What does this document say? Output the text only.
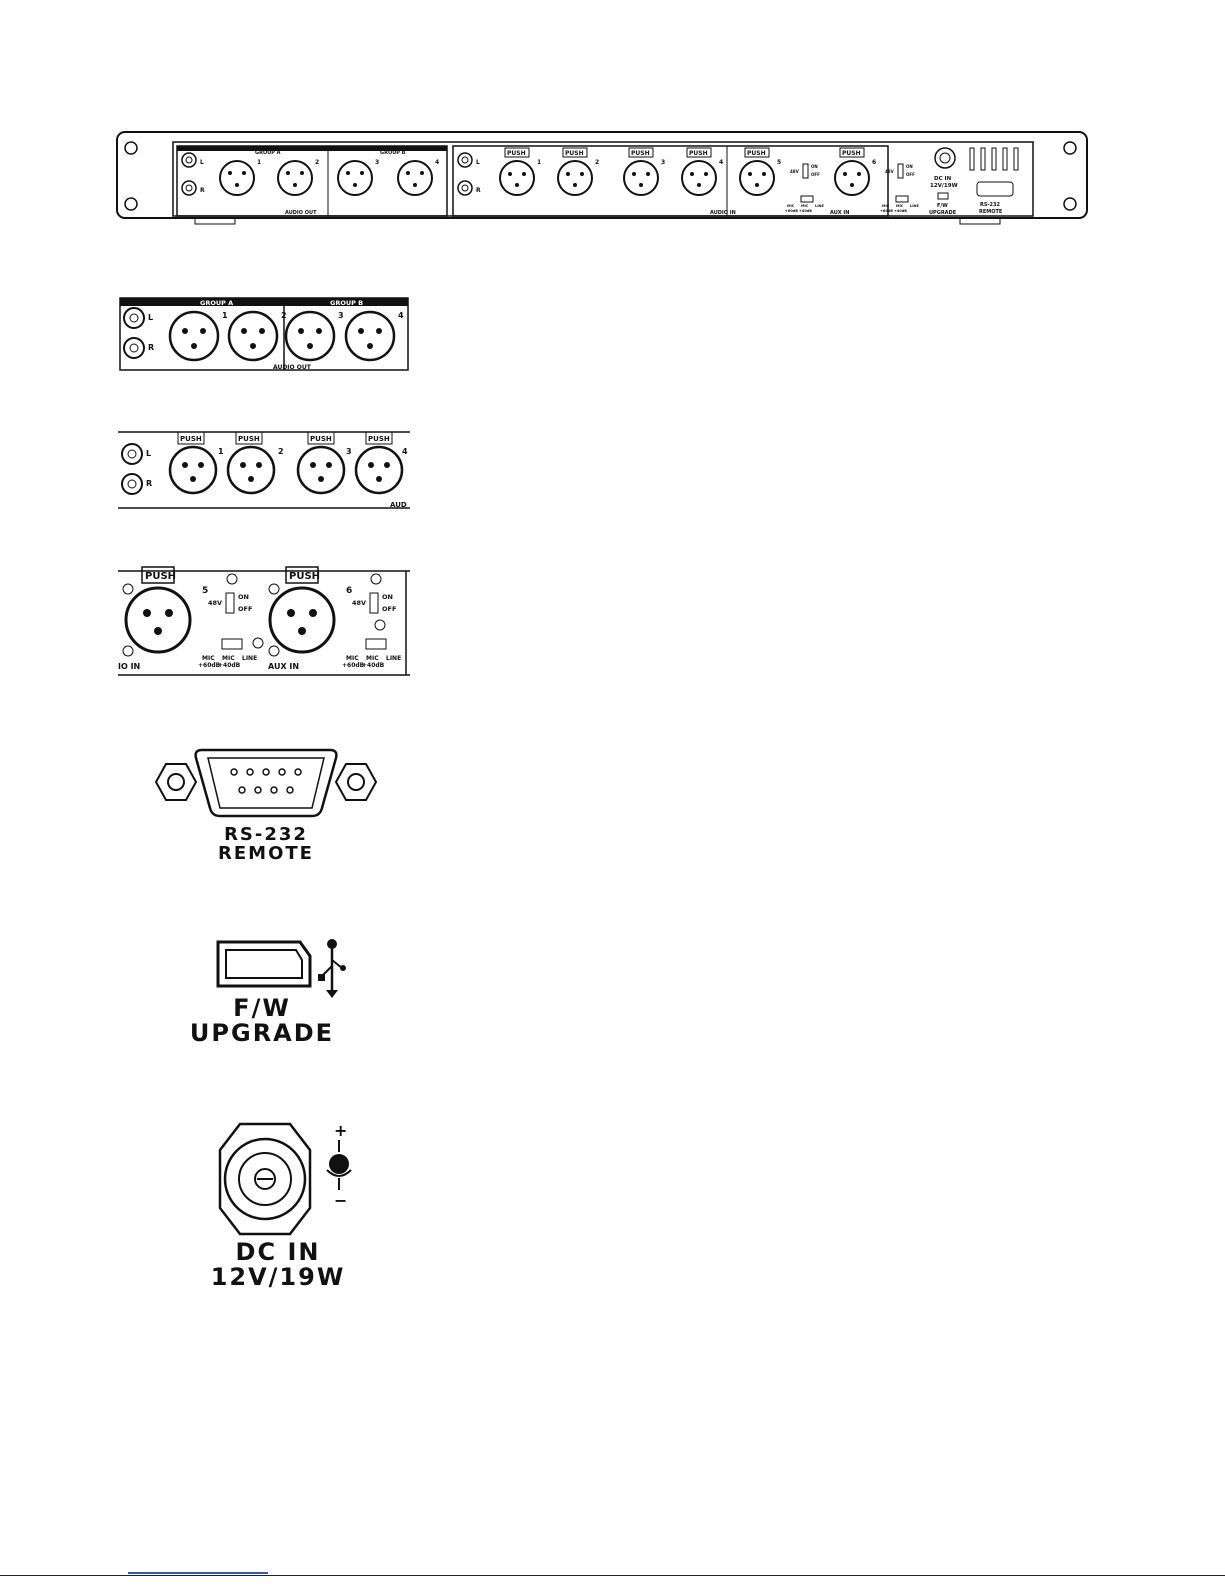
GROUP A	GROUP B
L
R
1	2	3	4
AUDIO OUT
L
R
PUSH	PUSH	PUSH	PUSH	PUSH	PUSH
1	2	3	4	5	6
48V
ON
OFF
48V
ON
OFF
MIC MIC LINE
+60dB +40dB
MIC MIC LINE
+60dB +40dB
AUDIO IN	AUX IN
DC IN
12V/19W
F/W
UPGRADE
RS-232
REMOTE
GROUP A	GROUP B
L
R
1	2	3	4
AUDIO OUT
L
R
PUSH	PUSH	PUSH	PUSH
1	2	3	4
AUD
PUSH	PUSH
5	6
48V
ON
OFF
48V
ON
OFF
MIC MIC LINE
+60dB
+40dB
MIC MIC LINE
+60dB
+40dB
IO IN	AUX IN
RS-232
REMOTE
F/W
UPGRADE
+
−
DC IN
12V/19W
